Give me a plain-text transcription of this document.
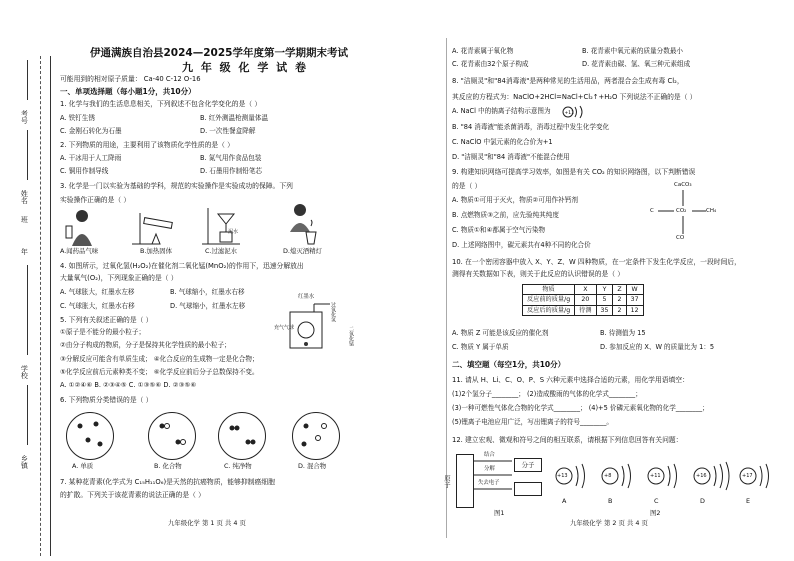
考号
姓名
班
年
学校
乡镇
伊通满族自治县2024—2025学年度第一学期期末考试
九 年 级 化 学 试 卷
可能用到的相对原子质量： Ca-40 C-12 O-16
一、单项选择题（每小题1分，共10分）
1. 化学与我们的生活息息相关，下列叙述不包含化学变化的是（ ）
A. 铁钉生锈	B. 红外测温枪测量体温
C. 金刚石转化为石墨	D. 一次性餐盒降解
2. 下列物质的用途，主要利用了该物质化学性质的是（ ）
A. 干冰用于人工降雨	B. 氮气用作食品包装
C. 铜用作制导线	D. 石墨用作制铅笔芯
3. 化学是一门以实验为基础的学科，规范的实验操作是实验成功的保障。下列
实验操作正确的是（ ）
泥水
A.闻药品气味	B.加热固体	C.过滤泥水	D.熄灭酒精灯
4. 如图所示，过氧化氢(H₂O₂)在催化剂二氧化锰(MnO₂)的作用下，迅速分解放出
大量氧气(O₂)，下列现象正确的是（ ）
A. 气球胀大，红墨水左移	B. 气球缩小，红墨水右移
C. 气球胀大，红墨水右移	D. 气球缩小，红墨水左移
红墨水
过氧化氢
充气气球	二氧化锰
5. 下列有关叙述正确的是（ ）
①原子是不能分的最小粒子；
②由分子构成的物质，分子是保持其化学性质的最小粒子；
③分解反应可能含有单质生成； ④化合反应的生成物一定是化合物；
⑤化学反应前后元素种类不变； ⑥化学反应前后分子总数保持不变。
A. ①②④⑥ B. ②③④⑤ C. ①③⑤⑥ D. ②③⑤⑥
6. 下列物质分类错误的是（ ）
A. 单质	B. 化合物	C. 纯净物	D. 混合物
7. 某种花青素(化学式为 C₁₅H₁₁O₆)是天然的抗癌物质，能够抑制癌细胞
的扩散。下列关于该花青素的说法正确的是（ ）
九年级化学 第 1 页 共 4 页
A. 花青素属于氧化物	B. 花青素中氧元素的质量分数最小
C. 花青素由32个原子构成	D. 花青素由碳、氢、氧三种元素组成
8. "洁厕灵"和"84消毒液"是两种常见的生活用品，两者混合会生成有毒 Cl₂，
其反应的方程式为：NaClO+2HCl=NaCl+Cl₂↑+H₂O 下列说法不正确的是（ ）
A. NaCl 中的钠离子结构示意图为	+11
B. "84 消毒液"能杀菌消毒，消毒过程中发生化学变化
C. NaClO 中氯元素的化合价为+1
D. "洁厕灵"和"84 消毒液"不能混合使用
9. 构建知识网络可提高学习效率，如图是有关 CO₂ 的知识网络图，以下判断错误
的是（ ）
A. 物质①可用于灭火，物质②可用作补钙剂
B. 点燃物质③之前，应先验纯其纯度
C. 物质①和④都属于空气污染物
D. 上述网络图中，碳元素共有4种不同的化合价
CaCO₃
CO₂
C	CH₄
CO
10. 在一个密闭容器中放入 X、Y、Z、W 四种物质，在一定条件下发生化学反应，一段时间后，
测得有关数据如下表，则关于此反应的认识错误的是（ ）
物质	X	Y	Z	W
反应前的质量/g	20	5	2	37
反应后的质量/g	待测	35	2	12
A. 物质 Z 可能是该反应的催化剂	B. 待测值为 15
C. 物质 Y 属于单质	D. 参加反应的 X、W 的质量比为 1：5
二、填空题（每空1分，共10分）
11. 请从 H、Li、C、O、P、S 六种元素中选择合适的元素，用化学用语填空：
(1)2个氢分子________； (2)造成酸雨的气体的化学式________；
(3)一种可燃性气体化合物的化学式________； (4)+5 价磷元素氧化物的化学________；
(5)锂离子电池应用广泛，写出锂离子的符号________。
12. 建立宏观、微观和符号之间的相互联系，请根据下列信息回答有关问题：
原子
分子
结合
分解
失去电子
图1
+13	+8	+11	+16	+17
A	B	C	D	E
图2
九年级化学 第 2 页 共 4 页
